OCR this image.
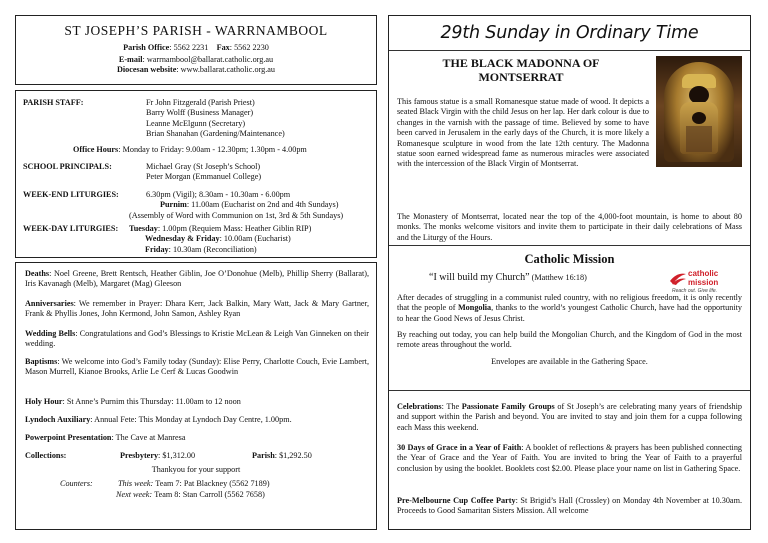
ST JOSEPH’S PARISH - WARRNAMBOOL
Parish Office: 5562 2231 Fax: 5562 2230
E-mail: warrnambool@ballarat.catholic.org.au
Diocesan website: www.ballarat.catholic.org.au
PARISH STAFF:	Fr John Fitzgerald (Parish Priest)
Barry Wolff (Business Manager)
Leanne McElgunn (Secretary)
Brian Shanahan (Gardening/Maintenance)
Office Hours: Monday to Friday: 9.00am - 12.30pm; 1.30pm - 4.00pm
SCHOOL PRINCIPALS:	Michael Gray (St Joseph’s School)
Peter Morgan (Emmanuel College)
WEEK-END LITURGIES:	6.30pm (Vigil); 8.30am - 10.30am - 6.00pm
Purnim: 11.00am (Eucharist on 2nd and 4th Sundays)
(Assembly of Word with Communion on 1st, 3rd & 5th Sundays)
WEEK-DAY LITURGIES: Tuesday: 1.00pm (Requiem Mass: Heather Giblin RIP)
Wednesday & Friday: 10.00am (Eucharist)
Friday: 10.30am (Reconciliation)
Deaths: Noel Greene, Brett Rentsch, Heather Giblin, Joe O’Donohue (Melb), Phillip Sherry (Ballarat), Iris Kavanagh (Melb), Margaret (Mag) Gleeson
Anniversaries: We remember in Prayer: Dhara Kerr, Jack Balkin, Mary Watt, Jack & Mary Gartner, Frank & Phyllis Jones, John Kermond, John Samon, Ashley Ryan
Wedding Bells: Congratulations and God’s Blessings to Kristie McLean & Leigh Van Ginneken on their wedding.
Baptisms: We welcome into God’s Family today (Sunday): Elise Perry, Charlotte Couch, Evie Lambert, Mason Murrell, Kianoe Brooks, Arlie Le Cerf & Lucas Goodwin
Holy Hour: St Anne’s Purnim this Thursday: 11.00am to 12 noon
Lyndoch Auxiliary: Annual Fete: This Monday at Lyndoch Day Centre, 1.00pm.
Powerpoint Presentation: The Cave at Manresa
Collections:	Presbytery: $1,312.00	Parish: $1,292.50
Thankyou for your support
Counters:	This week: Team 7: Pat Blackney (5562 7189)
Next week: Team 8: Stan Carroll (5562 7658)
29th Sunday in Ordinary Time
THE BLACK MADONNA OF MONTSERRAT
This famous statue is a small Romanesque statue made of wood. It depicts a seated Black Virgin with the child Jesus on her lap. Her dark colour is due to changes in the varnish with the passage of time. Believed by some to have been carved in Jerusalem in the early days of the Church, it is more likely a Romanesque sculpture in wood from the late 12th century. The Madonna statue soon earned widespread fame as numerous miracles were associated with the intercession of the Black Virgin of Montserrat.
The Monastery of Montserrat, located near the top of the 4,000-foot mountain, is home to about 80 monks. The monks welcome visitors and invite them to participate in their daily celebrations of Mass and the Liturgy of the Hours.
Catholic Mission
“I will build my Church” (Matthew 16:18)	catholic mission
Reach out. Give life.
After decades of struggling in a communist ruled country, with no religious freedom, it is only recently that the people of Mongolia, thanks to the world’s youngest Catholic Church, have had the opportunity to hear the Good News of Jesus Christ.
By reaching out today, you can help build the Mongolian Church, and the Kingdom of God in the most remote areas throughout the world.
Envelopes are available in the Gathering Space.
Celebrations: The Passionate Family Groups of St Joseph’s are celebrating many years of friendship and support within the Parish and beyond. You are invited to stay and join them for a cuppa following each Mass this weekend.
30 Days of Grace in a Year of Faith: A booklet of reflections & prayers has been published connecting the Year of Grace and the Year of Faith. You are invited to bring the Year of Faith to a prayerful conclusion by using the booklet. Booklets cost $2.00. Please place your name on list in Gathering Space.
Pre-Melbourne Cup Coffee Party: St Brigid’s Hall (Crossley) on Monday 4th November at 10.30am. Proceeds to Good Samaritan Sisters Mission. All welcome
